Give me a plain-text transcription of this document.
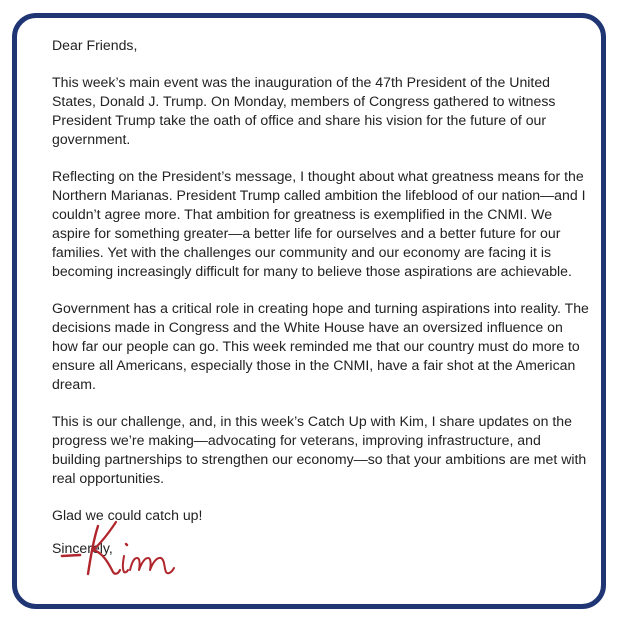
Dear Friends,

This week’s main event was the inauguration of the 47th President of the United States, Donald J. Trump. On Monday, members of Congress gathered to witness President Trump take the oath of office and share his vision for the future of our government.

Reflecting on the President’s message, I thought about what greatness means for the Northern Marianas. President Trump called ambition the lifeblood of our nation—and I couldn’t agree more. That ambition for greatness is exemplified in the CNMI. We aspire for something greater—a better life for ourselves and a better future for our families. Yet with the challenges our community and our economy are facing it is becoming increasingly difficult for many to believe those aspirations are achievable.

Government has a critical role in creating hope and turning aspirations into reality. The decisions made in Congress and the White House have an oversized influence on how far our people can go. This week reminded me that our country must do more to ensure all Americans, especially those in the CNMI, have a fair shot at the American dream.

This is our challenge, and, in this week’s Catch Up with Kim, I share updates on the progress we’re making—advocating for veterans, improving infrastructure, and building partnerships to strengthen our economy—so that your ambitions are met with real opportunities.

Glad we could catch up!

Sincerely,
